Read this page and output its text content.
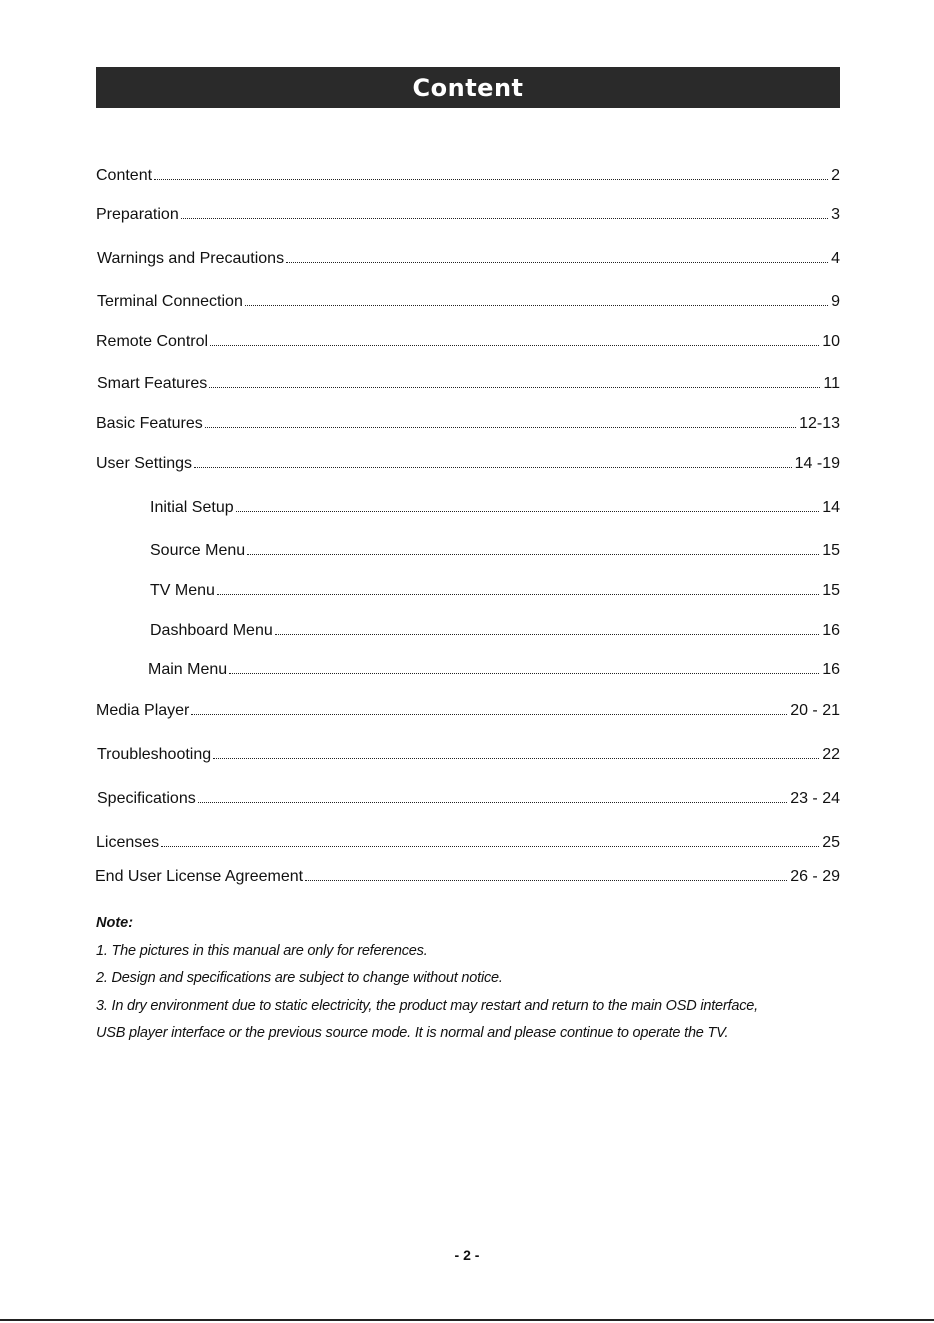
Content
Content	2
Preparation	3
Warnings and Precautions	4
Terminal Connection	9
Remote Control	10
Smart Features	11
Basic Features	12-13
User Settings	14 -19
Initial Setup	14
Source Menu	15
TV Menu	15
Dashboard Menu	16
Main Menu	16
Media Player	20 - 21
Troubleshooting	22
Specifications	23 - 24
Licenses	25
End User License Agreement	26 - 29
Note:
1. The pictures in this manual are only for references.
2. Design and specifications are subject to change without notice.
3. In dry environment due to static electricity, the product may restart and return to the main OSD interface,
USB player interface or the previous source mode. It is normal and please continue to operate the TV.
- 2 -
